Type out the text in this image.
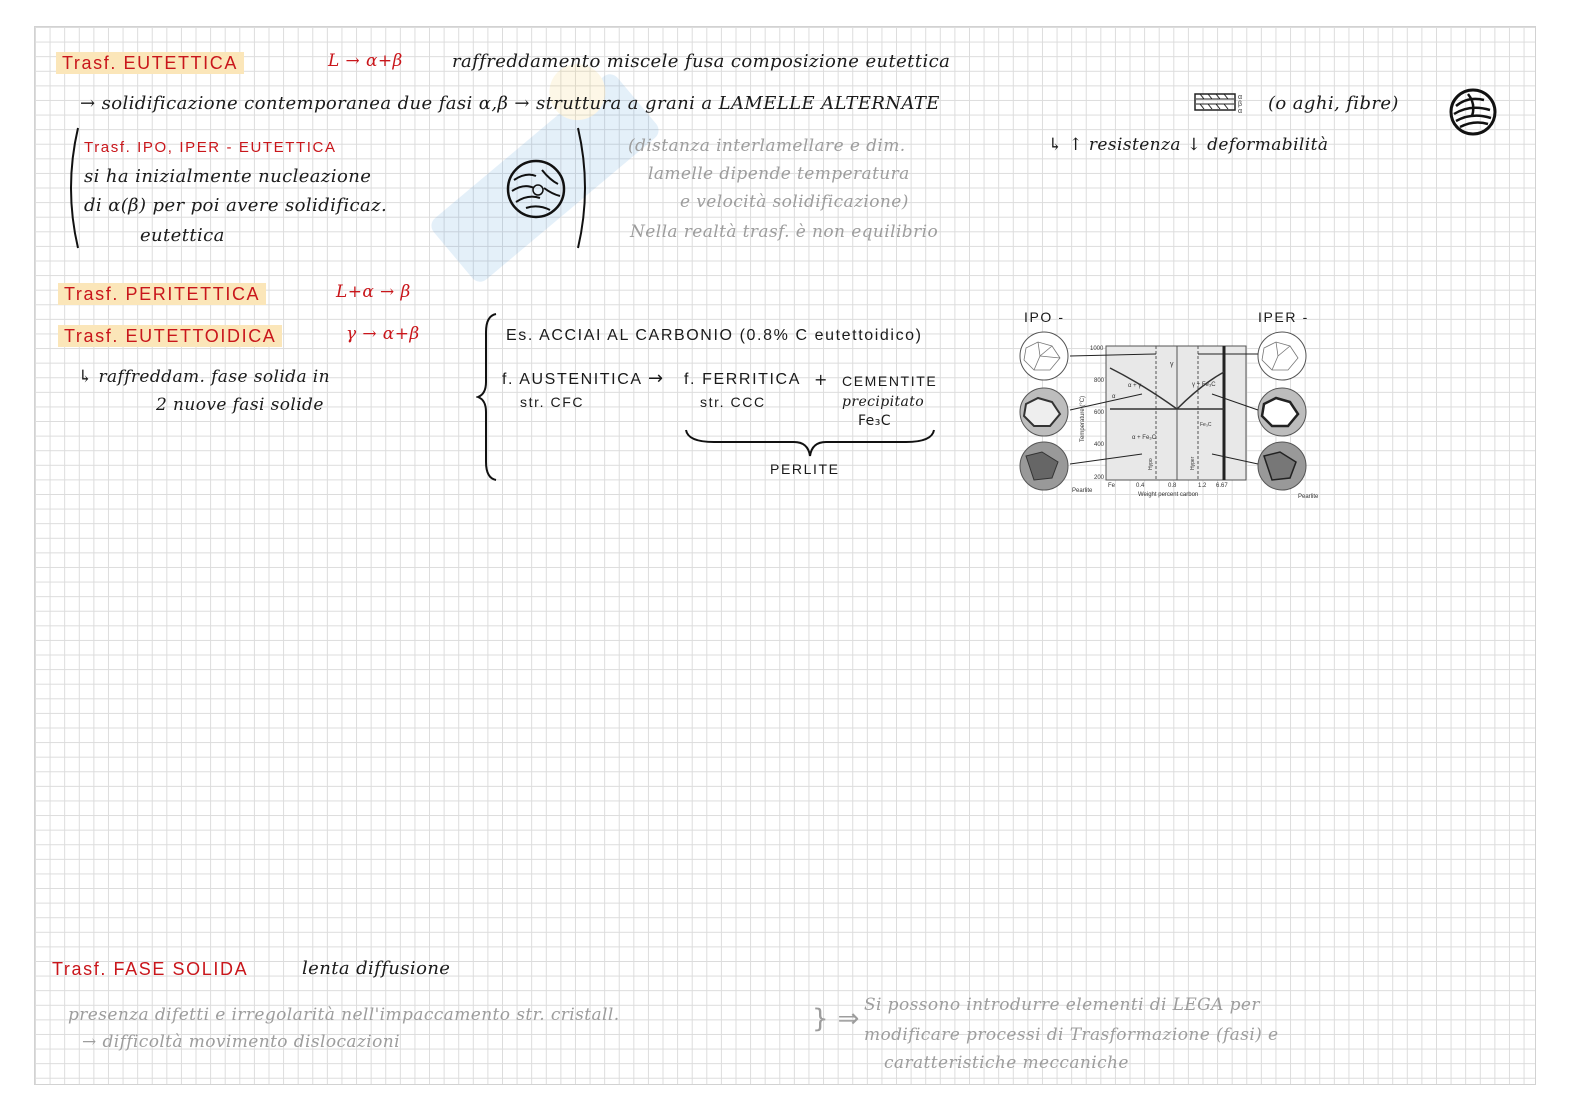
Trasf. EUTETTICA	L → α+β	raffreddamento miscele fusa composizione eutettica
→ solidificazione contemporanea due fasi α,β → struttura a grani a LAMELLE ALTERNATE	α
β
α (o aghi, fibre)
↳ ↑ resistenza ↓ deformabilità
Trasf. IPO, IPER - EUTETTICA
si ha inizialmente nucleazione
di α(β) per poi avere solidificaz.
eutettica
(distanza interlamellare e dim.
lamelle dipende temperatura
e velocità solidificazione)
Nella realtà trasf. è non equilibrio
Trasf. PERITETTICA	L+α → β
Trasf. EUTETTOIDICA	γ → α+β
↳ raffreddam. fase solida in
2 nuove fasi solide
Es. ACCIAI AL CARBONIO (0.8% C eutettoidico)
f. AUSTENITICA
str. CFC
→ f. FERRITICA
str. CCC
+ CEMENTITE
precipitato
Fe₃C
PERLITE
IPO -	IPER -
1000
800
600
400
200
Fe	0.4	0.8	1.2 6.67
Weight percent carbon
Temperature (°C)
α + γ
γ
γ + Fe₃C
α + Fe₃C
α
Fe₃C
Hypo	Hyper
Pearlite
Pearlite
Trasf. FASE SOLIDA	lenta diffusione
presenza difetti e irregolarità nell'impaccamento str. cristall.
→ difficoltà movimento dislocazioni
} ⇒ Si possono introdurre elementi di LEGA per
modificare processi di Trasformazione (fasi) e
caratteristiche meccaniche
